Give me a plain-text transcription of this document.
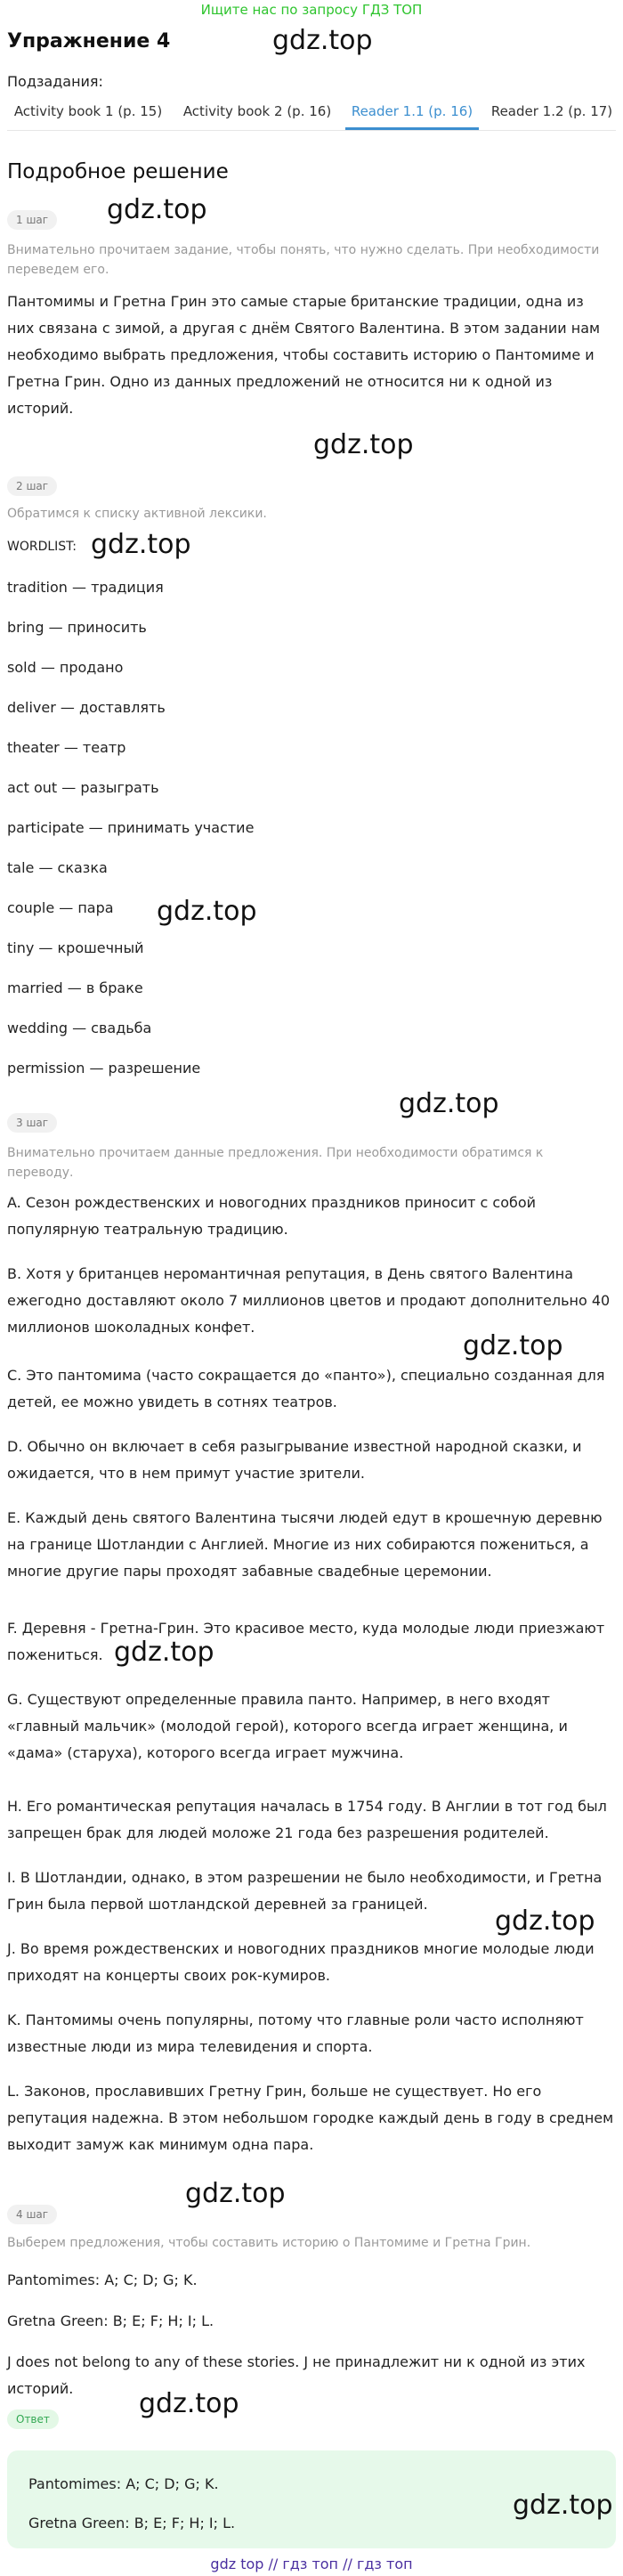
Ищите нас по запросу ГДЗ ТОП
Упражнение 4	gdz.top
Подзадания:
Activity book 1 (p. 15)	Activity book 2 (p. 16)	Reader 1.1 (p. 16)	Reader 1.2 (p. 17)
Подробное решение
1 шаг	gdz.top
Внимательно прочитаем задание, чтобы понять, что нужно сделать. При необходимости переведем его.
Пантомимы и Гретна Грин это самые старые британские традиции, одна из них связана с зимой, а другая с днём Святого Валентина. В этом задании нам необходимо выбрать предложения, чтобы составить историю о Пантомиме и Гретна Грин. Одно из данных предложений не относится ни к одной из историй.
gdz.top
2 шаг
Обратимся к списку активной лексики.
WORDLIST: gdz.top
tradition — традиция
bring — приносить
sold — продано
deliver — доставлять
theater — театр
act out — разыграть
participate — принимать участие
tale — сказка
couple — пара gdz.top
tiny — крошечный
married — в браке
wedding — свадьба
permission — разрешение
gdz.top
3 шаг
Внимательно прочитаем данные предложения. При необходимости обратимся к переводу.
A. Сезон рождественских и новогодних праздников приносит с собой популярную театральную традицию.
B. Хотя у британцев неромантичная репутация, в День святого Валентина ежегодно доставляют около 7 миллионов цветов и продают дополнительно 40 миллионов шоколадных конфет.
gdz.top
C. Это пантомима (часто сокращается до «панто»), специально созданная для детей, ее можно увидеть в сотнях театров.
D. Обычно он включает в себя разыгрывание известной народной сказки, и ожидается, что в нем примут участие зрители.
E. Каждый день святого Валентина тысячи людей едут в крошечную деревню на границе Шотландии с Англией. Многие из них собираются пожениться, а многие другие пары проходят забавные свадебные церемонии.
F. Деревня - Гретна-Грин. Это красивое место, куда молодые люди приезжают пожениться. gdz.top
G. Существуют определенные правила панто. Например, в него входят «главный мальчик» (молодой герой), которого всегда играет женщина, и «дама» (старуха), которого всегда играет мужчина.
H. Его романтическая репутация началась в 1754 году. В Англии в тот год был запрещен брак для людей моложе 21 года без разрешения родителей.
I. В Шотландии, однако, в этом разрешении не было необходимости, и Гретна Грин была первой шотландской деревней за границей.
gdz.top
J. Во время рождественских и новогодних праздников многие молодые люди приходят на концерты своих рок-кумиров.
K. Пантомимы очень популярны, потому что главные роли часто исполняют известные люди из мира телевидения и спорта.
L. Законов, прославивших Гретну Грин, больше не существует. Но его репутация надежна. В этом небольшом городке каждый день в году в среднем выходит замуж как минимум одна пара.
gdz.top
4 шаг
Выберем предложения, чтобы составить историю о Пантомиме и Гретна Грин.
Pantomimes: A; C; D; G; K.
Gretna Green: B; E; F; H; I; L.
J does not belong to any of these stories. J не принадлежит ни к одной из этих историй.	gdz.top
Ответ
Pantomimes: A; C; D; G; K.
Gretna Green: B; E; F; H; I; L.
gdz.top
gdz top // гдз топ // гдз топ
